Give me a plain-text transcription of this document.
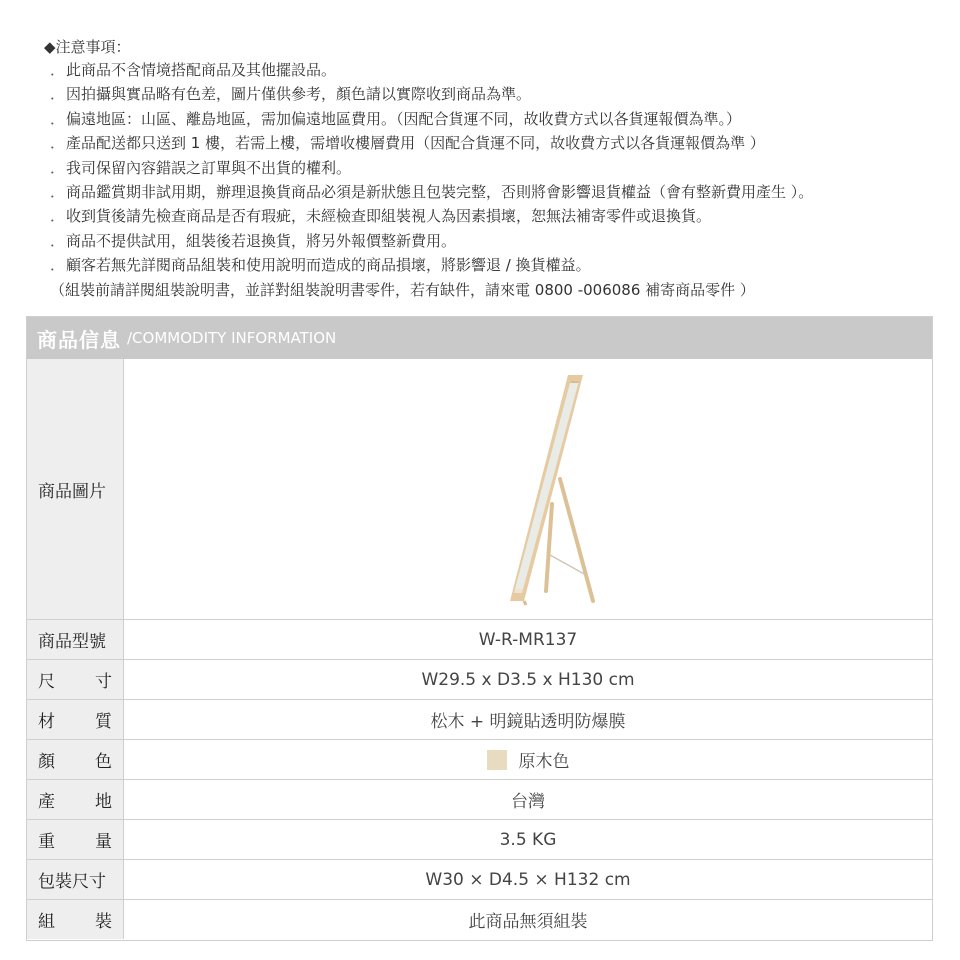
◆注意事項：
． 此商品不含情境搭配商品及其他擺設品。
． 因拍攝與實品略有色差，圖片僅供參考，顏色請以實際收到商品為準。
． 偏遠地區：山區、離島地區，需加偏遠地區費用。（因配合貨運不同，故收費方式以各貨運報價為準。）
． 產品配送都只送到 1 樓，若需上樓，需增收樓層費用（因配合貨運不同，故收費方式以各貨運報價為準 ）
． 我司保留內容錯誤之訂單與不出貨的權利。
． 商品鑑賞期非試用期，辦理退換貨商品必須是新狀態且包裝完整，否則將會影響退貨權益（會有整新費用產生 ）。
． 收到貨後請先檢查商品是否有瑕疵，未經檢查即組裝視人為因素損壞，恕無法補寄零件或退換貨。
． 商品不提供試用，組裝後若退換貨，將另外報價整新費用。
． 顧客若無先詳閱商品組裝和使用說明而造成的商品損壞，將影響退 / 換貨權益。
（組裝前請詳閱組裝說明書，並詳對組裝說明書零件，若有缺件，請來電 0800 -006086 補寄商品零件 ）
商品信息 /COMMODITY INFORMATION
商品圖片
商品型號	W-R-MR137
尺 寸	W29.5 x D3.5 x H130 cm
材 質	松木 + 明鏡貼透明防爆膜
顏 色	原木色
產 地	台灣
重 量	3.5 KG
包裝尺寸	W30 × D4.5 × H132 cm
組 裝	此商品無須組裝
